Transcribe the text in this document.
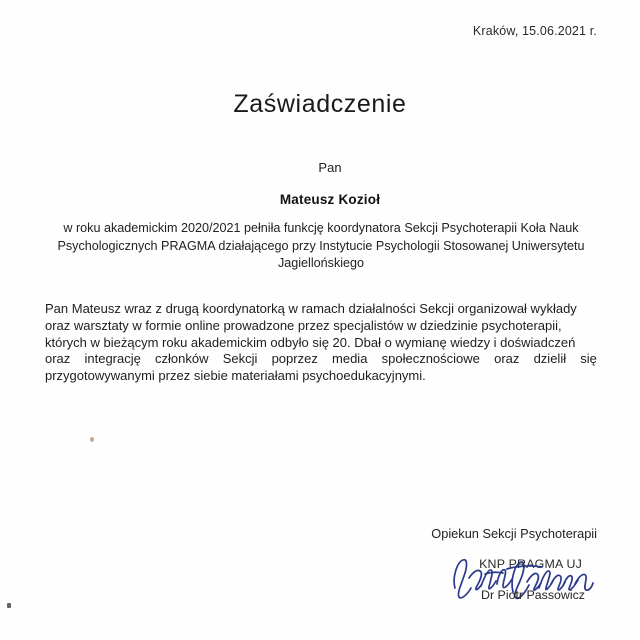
Kraków, 15.06.2021 r.
Zaświadczenie
Pan
Mateusz Kozioł
w roku akademickim 2020/2021 pełniła funkcję koordynatora Sekcji Psychoterapii Koła Nauk
Psychologicznych PRAGMA działającego przy Instytucie Psychologii Stosowanej Uniwersytetu
Jagiellońskiego
Pan Mateusz wraz z drugą koordynatorką w ramach działalności Sekcji organizował wykłady
oraz warsztaty w formie online prowadzone przez specjalistów w dziedzinie psychoterapii,
których w bieżącym roku akademickim odbyło się 20. Dbał o wymianę wiedzy i doświadczeń
oraz integrację członków Sekcji poprzez media społecznościowe oraz dzielił się
przygotowywanymi przez siebie materiałami psychoedukacyjnymi.
Opiekun Sekcji Psychoterapii
KNP PRAGMA UJ
Dr Piotr Passowicz
